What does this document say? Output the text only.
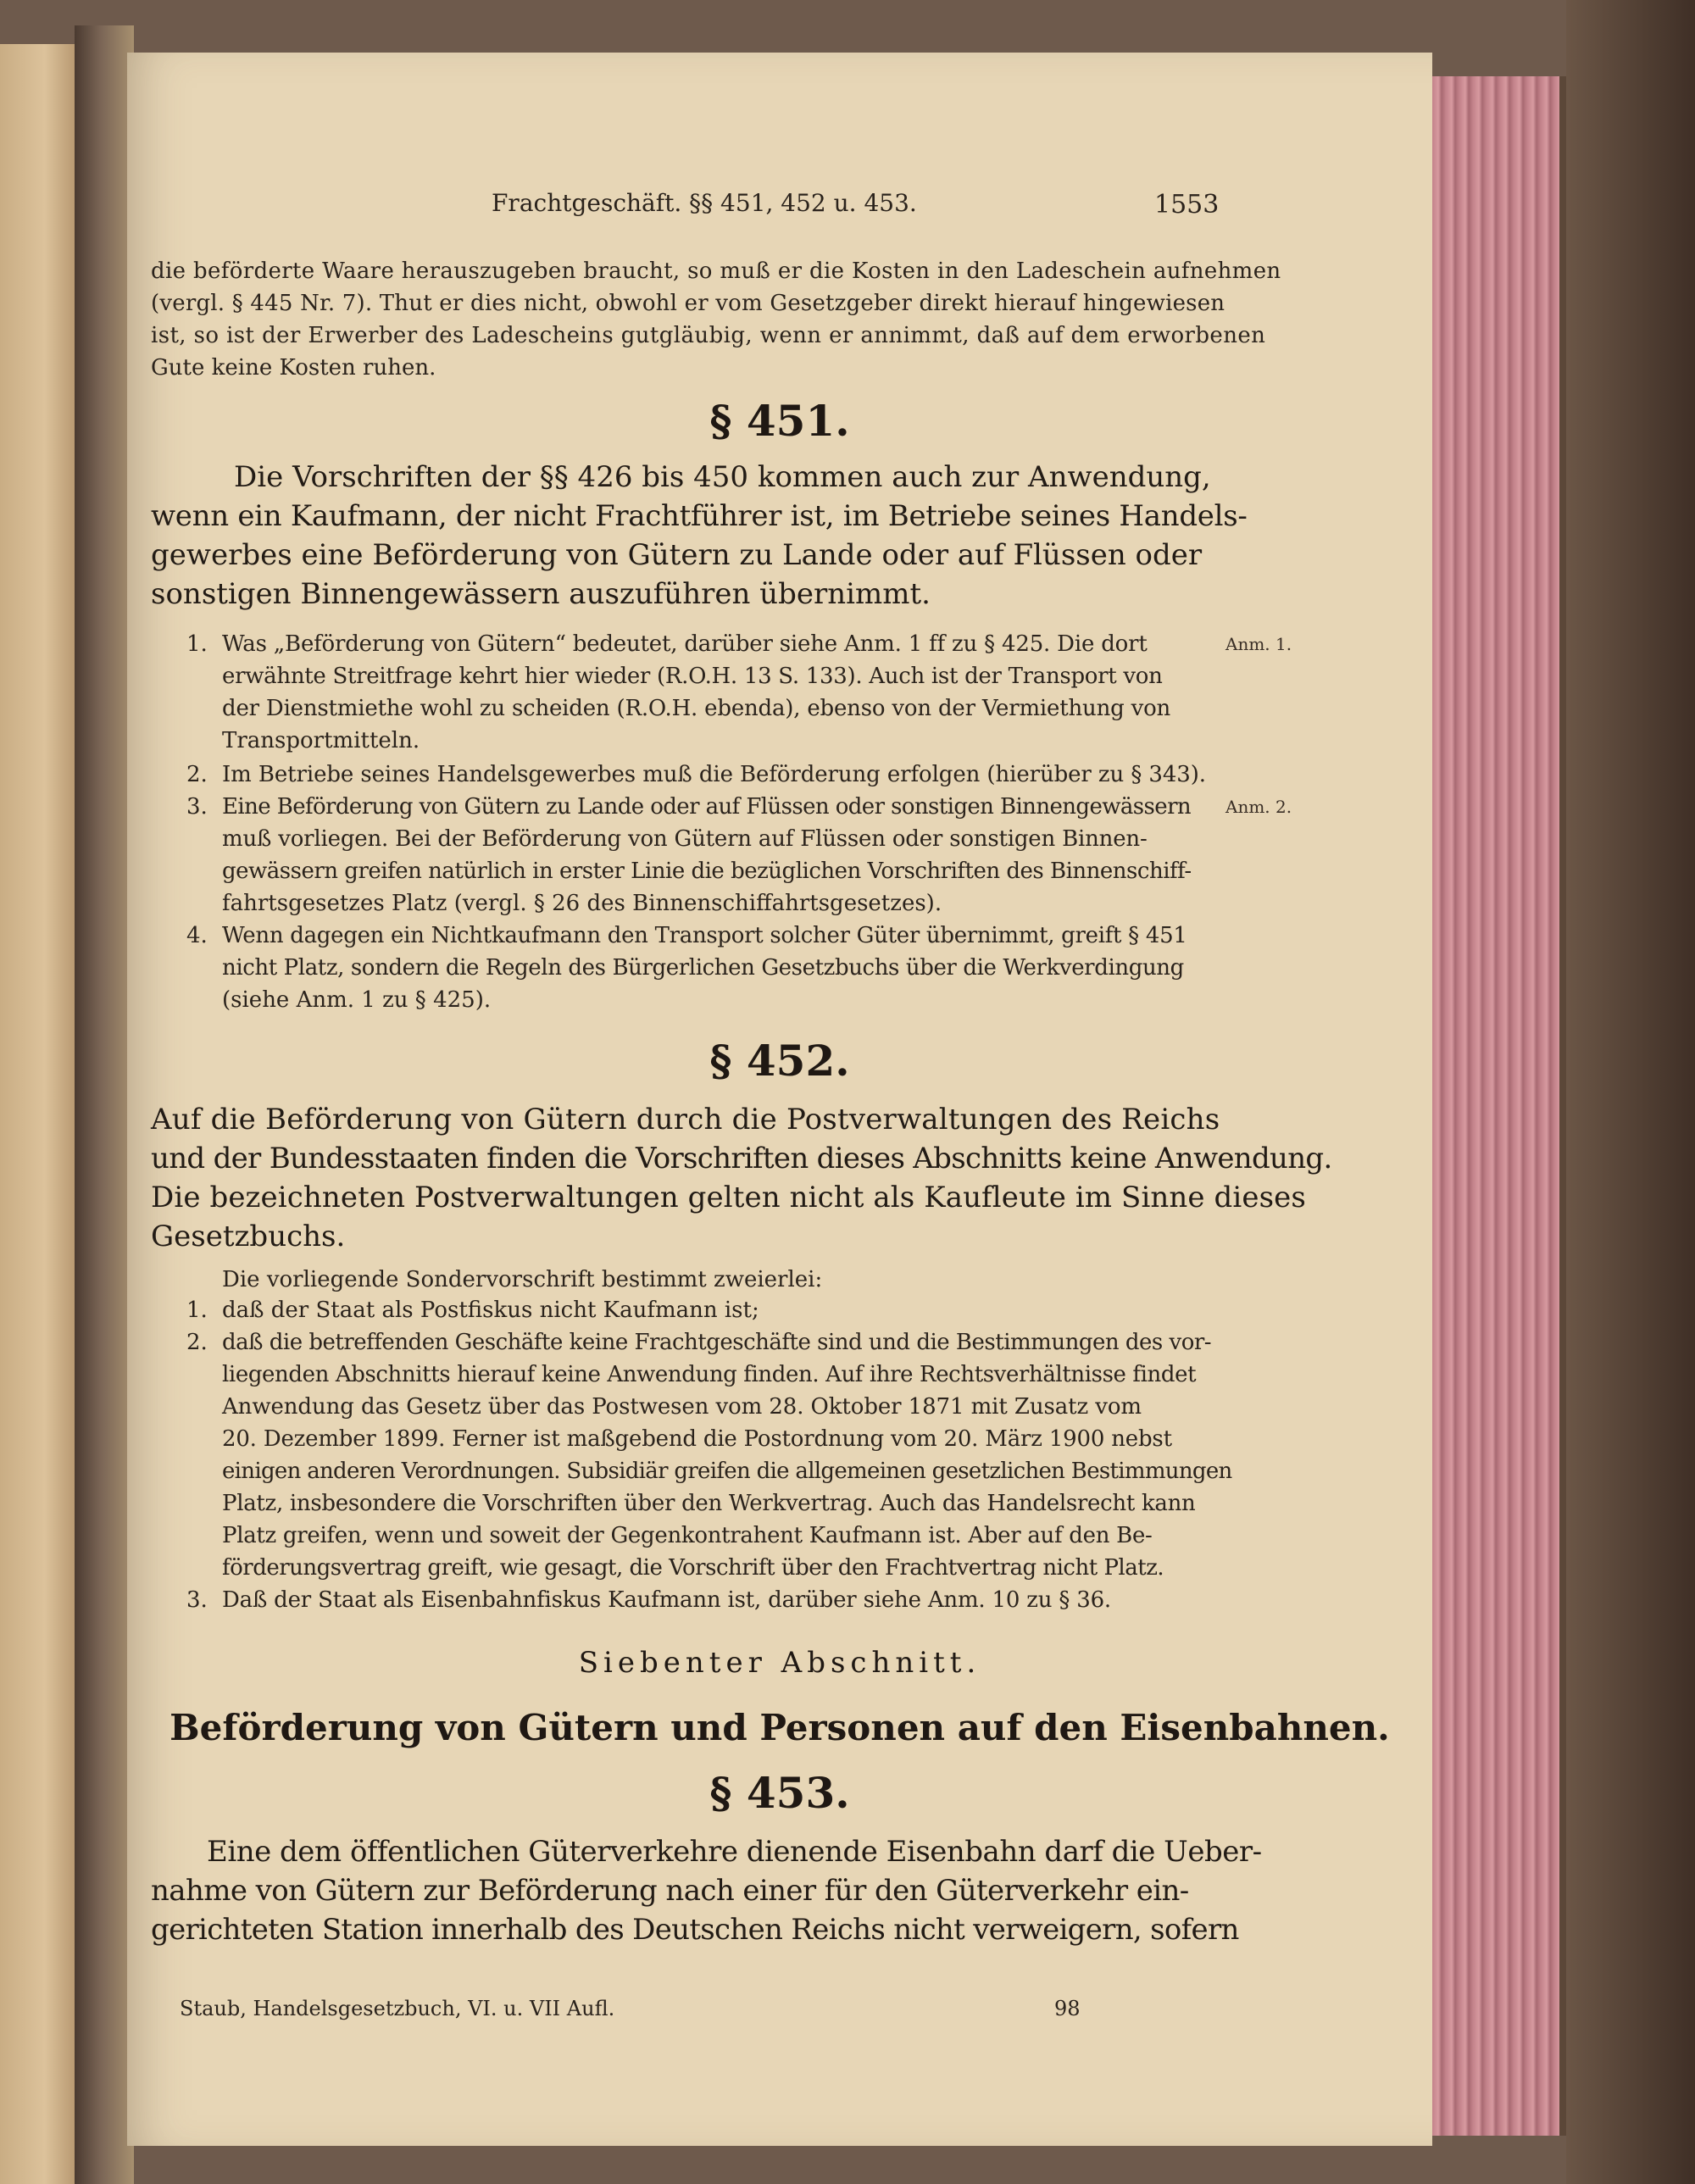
Frachtgeschäft. §§ 451, 452 u. 453.	1553
die beförderte Waare herauszugeben braucht, so muß er die Kosten in den Ladeschein aufnehmen
(vergl. § 445 Nr. 7). Thut er dies nicht, obwohl er vom Gesetzgeber direkt hierauf hingewiesen
ist, so ist der Erwerber des Ladescheins gutgläubig, wenn er annimmt, daß auf dem erworbenen
Gute keine Kosten ruhen.
§ 451.
Die Vorschriften der §§ 426 bis 450 kommen auch zur Anwendung,
wenn ein Kaufmann, der nicht Frachtführer ist, im Betriebe seines Handels-
gewerbes eine Beförderung von Gütern zu Lande oder auf Flüssen oder
sonstigen Binnengewässern auszuführen übernimmt.
1. Was „Beförderung von Gütern“ bedeutet, darüber siehe Anm. 1 ff zu § 425. Die dort
erwähnte Streitfrage kehrt hier wieder (R.O.H. 13 S. 133). Auch ist der Transport von
der Dienstmiethe wohl zu scheiden (R.O.H. ebenda), ebenso von der Vermiethung von
Transportmitteln.
Anm. 1.
2. Im Betriebe seines Handelsgewerbes muß die Beförderung erfolgen (hierüber zu § 343).
3. Eine Beförderung von Gütern zu Lande oder auf Flüssen oder sonstigen Binnengewässern
muß vorliegen. Bei der Beförderung von Gütern auf Flüssen oder sonstigen Binnen-
gewässern greifen natürlich in erster Linie die bezüglichen Vorschriften des Binnenschiff-
fahrtsgesetzes Platz (vergl. § 26 des Binnenschiffahrtsgesetzes).
Anm. 2.
4. Wenn dagegen ein Nichtkaufmann den Transport solcher Güter übernimmt, greift § 451
nicht Platz, sondern die Regeln des Bürgerlichen Gesetzbuchs über die Werkverdingung
(siehe Anm. 1 zu § 425).
§ 452.
Auf die Beförderung von Gütern durch die Postverwaltungen des Reichs
und der Bundesstaaten finden die Vorschriften dieses Abschnitts keine Anwendung.
Die bezeichneten Postverwaltungen gelten nicht als Kaufleute im Sinne dieses
Gesetzbuchs.
Die vorliegende Sondervorschrift bestimmt zweierlei:
1. daß der Staat als Postfiskus nicht Kaufmann ist;
2. daß die betreffenden Geschäfte keine Frachtgeschäfte sind und die Bestimmungen des vor-
liegenden Abschnitts hierauf keine Anwendung finden. Auf ihre Rechtsverhältnisse findet
Anwendung das Gesetz über das Postwesen vom 28. Oktober 1871 mit Zusatz vom
20. Dezember 1899. Ferner ist maßgebend die Postordnung vom 20. März 1900 nebst
einigen anderen Verordnungen. Subsidiär greifen die allgemeinen gesetzlichen Bestimmungen
Platz, insbesondere die Vorschriften über den Werkvertrag. Auch das Handelsrecht kann
Platz greifen, wenn und soweit der Gegenkontrahent Kaufmann ist. Aber auf den Be-
förderungsvertrag greift, wie gesagt, die Vorschrift über den Frachtvertrag nicht Platz.
3. Daß der Staat als Eisenbahnfiskus Kaufmann ist, darüber siehe Anm. 10 zu § 36.
Siebenter Abschnitt.
Beförderung von Gütern und Personen auf den Eisenbahnen.
§ 453.
Eine dem öffentlichen Güterverkehre dienende Eisenbahn darf die Ueber-
nahme von Gütern zur Beförderung nach einer für den Güterverkehr ein-
gerichteten Station innerhalb des Deutschen Reichs nicht verweigern, sofern
Staub, Handelsgesetzbuch, VI. u. VII Aufl.	98
